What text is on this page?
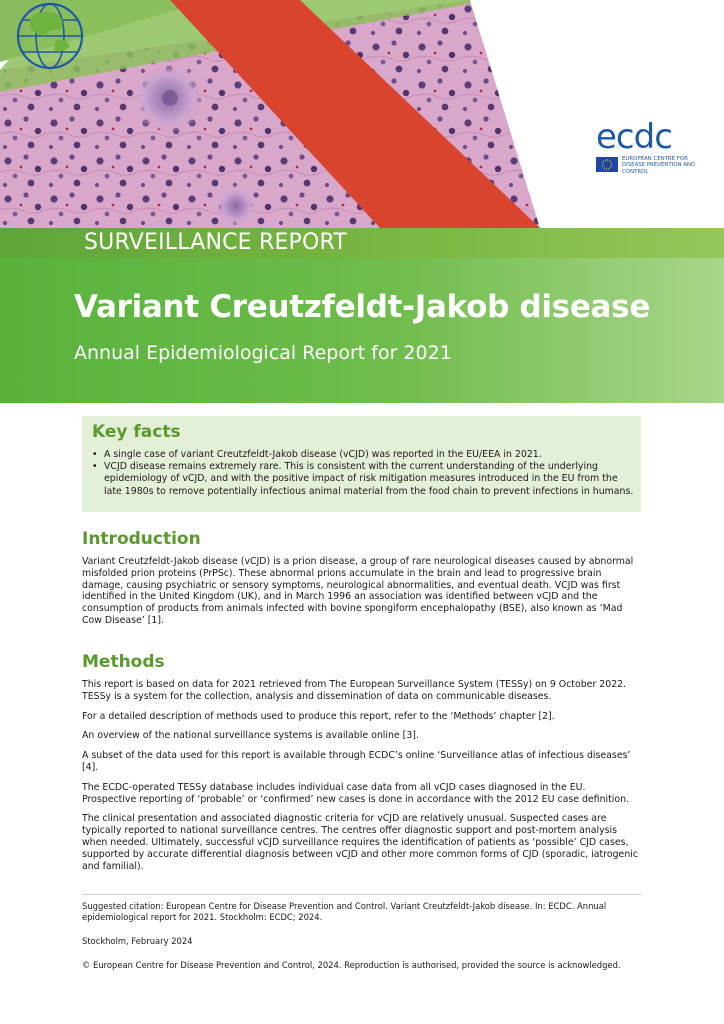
ecdc
EUROPEAN CENTRE FOR DISEASE PREVENTION AND CONTROL
SURVEILLANCE REPORT
Variant Creutzfeldt-Jakob disease
Annual Epidemiological Report for 2021
Key facts
• A single case of variant Creutzfeldt-Jakob disease (vCJD) was reported in the EU/EEA in 2021.
• VCJD disease remains extremely rare. This is consistent with the current understanding of the underlying epidemiology of vCJD, and with the positive impact of risk mitigation measures introduced in the EU from the late 1980s to remove potentially infectious animal material from the food chain to prevent infections in humans.
Introduction

Variant Creutzfeldt-Jakob disease (vCJD) is a prion disease, a group of rare neurological diseases caused by abnormal misfolded prion proteins (PrPSc). These abnormal prions accumulate in the brain and lead to progressive brain damage, causing psychiatric or sensory symptoms, neurological abnormalities, and eventual death. VCJD was first identified in the United Kingdom (UK), and in March 1996 an association was identified between vCJD and the consumption of products from animals infected with bovine spongiform encephalopathy (BSE), also known as ‘Mad Cow Disease’ [1].

Methods

This report is based on data for 2021 retrieved from The European Surveillance System (TESSy) on 9 October 2022. TESSy is a system for the collection, analysis and dissemination of data on communicable diseases.

For a detailed description of methods used to produce this report, refer to the ‘Methods’ chapter [2].

An overview of the national surveillance systems is available online [3].

A subset of the data used for this report is available through ECDC’s online ‘Surveillance atlas of infectious diseases’ [4].

The ECDC-operated TESSy database includes individual case data from all vCJD cases diagnosed in the EU. Prospective reporting of ‘probable’ or ‘confirmed’ new cases is done in accordance with the 2012 EU case definition.

The clinical presentation and associated diagnostic criteria for vCJD are relatively unusual. Suspected cases are typically reported to national surveillance centres. The centres offer diagnostic support and post-mortem analysis when needed. Ultimately, successful vCJD surveillance requires the identification of patients as ‘possible’ CJD cases, supported by accurate differential diagnosis between vCJD and other more common forms of CJD (sporadic, iatrogenic and familial).

Suggested citation: European Centre for Disease Prevention and Control. Variant Creutzfeldt-Jakob disease. In: ECDC. Annual epidemiological report for 2021. Stockholm: ECDC; 2024.

Stockholm, February 2024

© European Centre for Disease Prevention and Control, 2024. Reproduction is authorised, provided the source is acknowledged.
